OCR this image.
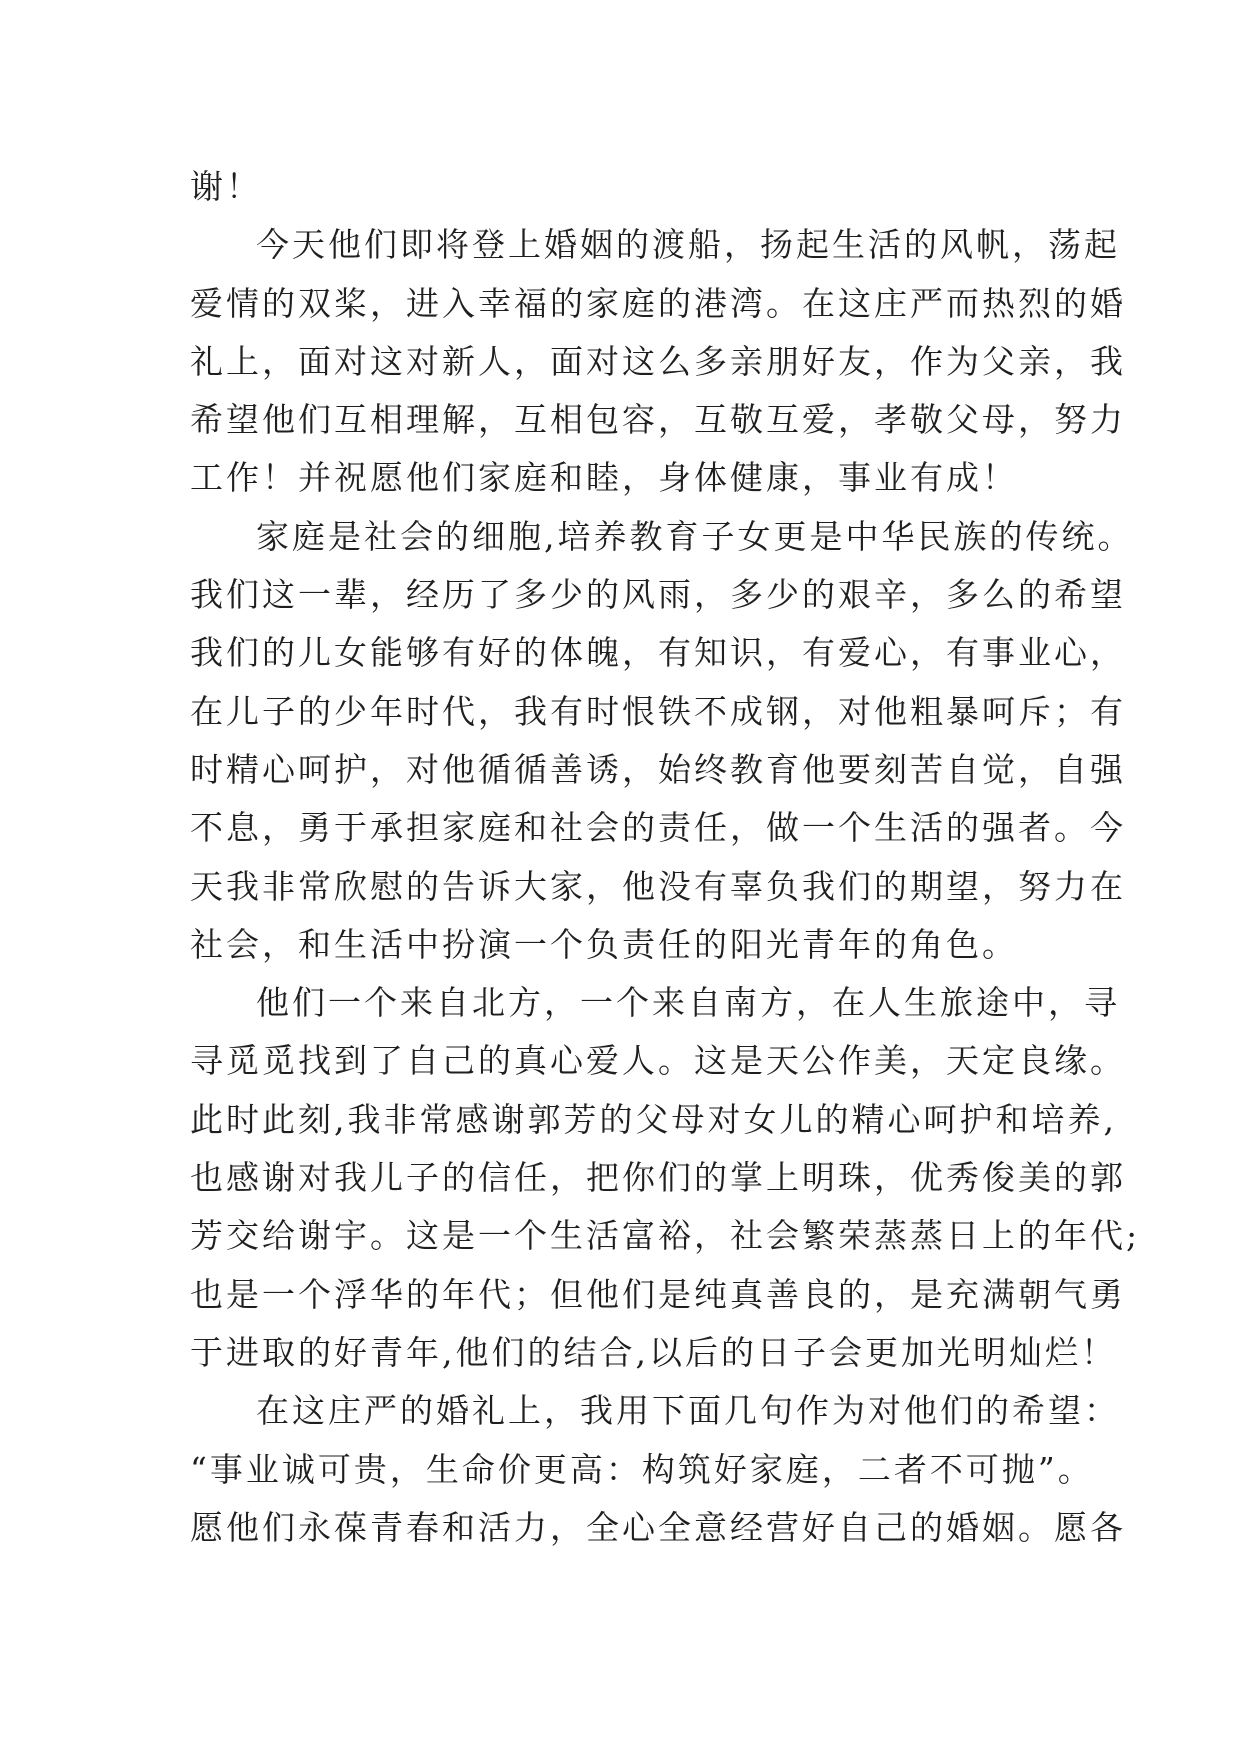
谢！
今天他们即将登上婚姻的渡船，扬起生活的风帆，荡起
爱情的双桨，进入幸福的家庭的港湾。在这庄严而热烈的婚
礼上，面对这对新人，面对这么多亲朋好友，作为父亲，我
希望他们互相理解，互相包容，互敬互爱，孝敬父母，努力
工作！并祝愿他们家庭和睦，身体健康，事业有成！
家庭是社会的细胞,培养教育子女更是中华民族的传统。
我们这一辈，经历了多少的风雨，多少的艰辛，多么的希望
我们的儿女能够有好的体魄，有知识，有爱心，有事业心，
在儿子的少年时代，我有时恨铁不成钢，对他粗暴呵斥；有
时精心呵护，对他循循善诱，始终教育他要刻苦自觉，自强
不息，勇于承担家庭和社会的责任，做一个生活的强者。今
天我非常欣慰的告诉大家，他没有辜负我们的期望，努力在
社会，和生活中扮演一个负责任的阳光青年的角色。
他们一个来自北方，一个来自南方，在人生旅途中，寻
寻觅觅找到了自己的真心爱人。这是天公作美，天定良缘。
此时此刻,我非常感谢郭芳的父母对女儿的精心呵护和培养,
也感谢对我儿子的信任，把你们的掌上明珠，优秀俊美的郭
芳交给谢宇。这是一个生活富裕，社会繁荣蒸蒸日上的年代;
也是一个浮华的年代；但他们是纯真善良的，是充满朝气勇
于进取的好青年,他们的结合,以后的日子会更加光明灿烂！
在这庄严的婚礼上，我用下面几句作为对他们的希望：
“事业诚可贵，生命价更高：构筑好家庭，二者不可抛”。
愿他们永葆青春和活力，全心全意经营好自己的婚姻。愿各
